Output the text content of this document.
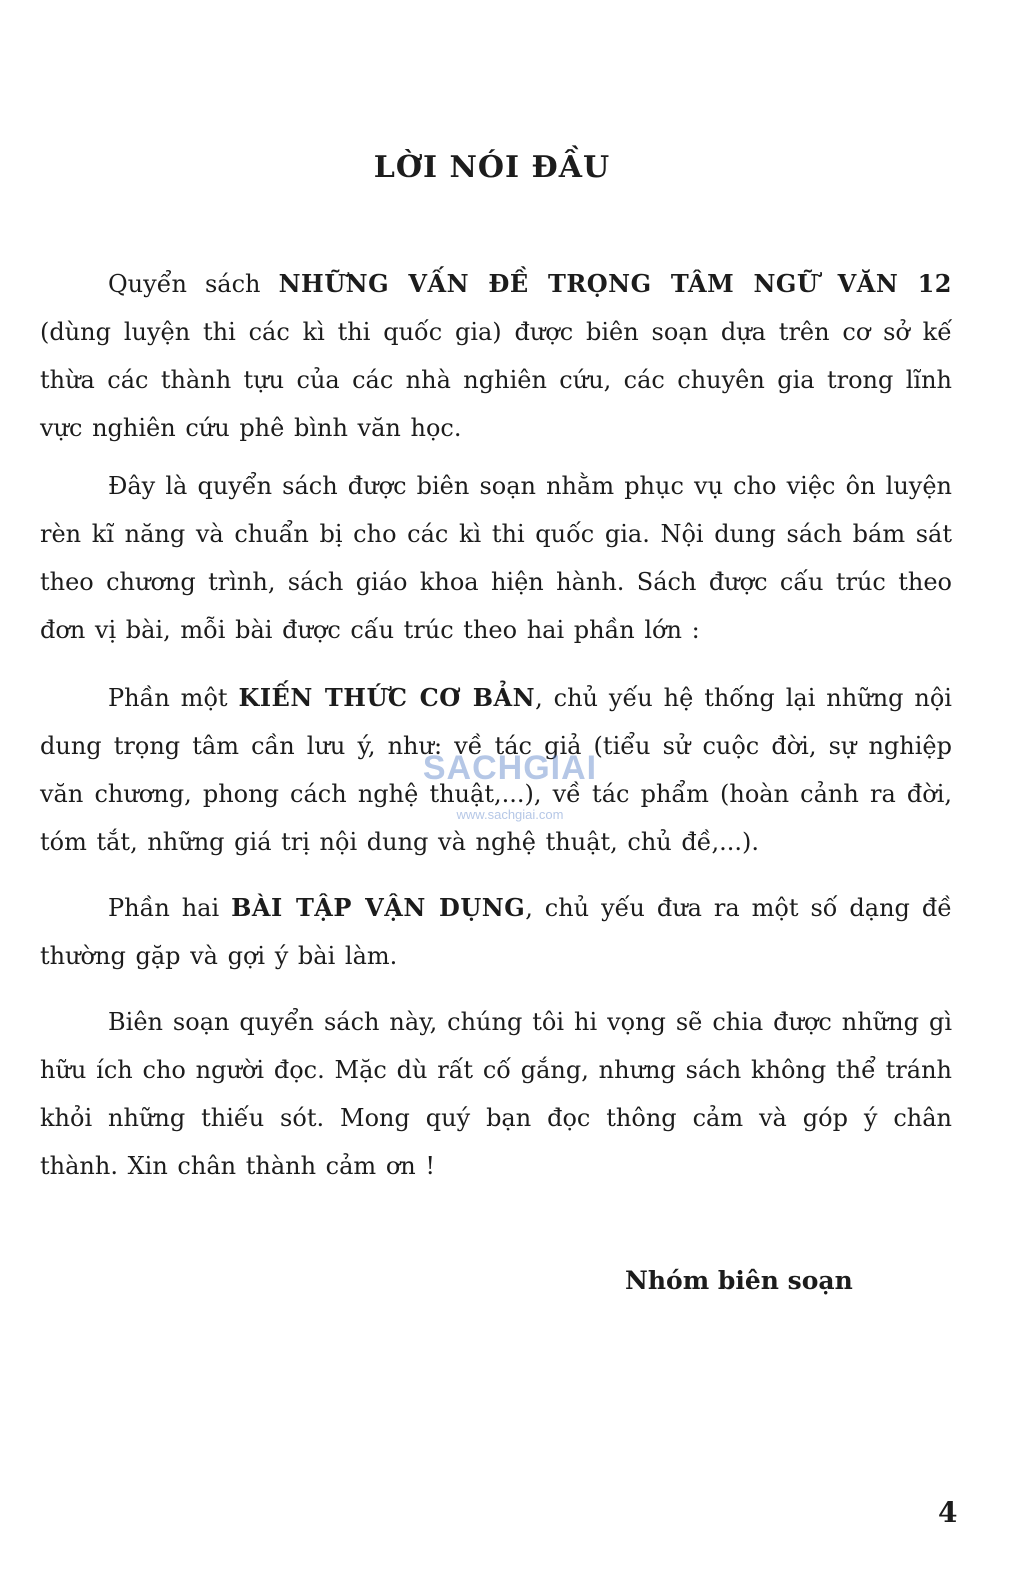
LỜI NÓI ĐẦU

Quyển sách NHỮNG VẤN ĐỀ TRỌNG TÂM NGỮ VĂN 12 (dùng luyện thi các kì thi quốc gia) được biên soạn dựa trên cơ sở kế thừa các thành tựu của các nhà nghiên cứu, các chuyên gia trong lĩnh vực nghiên cứu phê bình văn học.

Đây là quyển sách được biên soạn nhằm phục vụ cho việc ôn luyện rèn kĩ năng và chuẩn bị cho các kì thi quốc gia. Nội dung sách bám sát theo chương trình, sách giáo khoa hiện hành. Sách được cấu trúc theo đơn vị bài, mỗi bài được cấu trúc theo hai phần lớn :

Phần một KIẾN THỨC CƠ BẢN, chủ yếu hệ thống lại những nội dung trọng tâm cần lưu ý, như: về tác giả (tiểu sử cuộc đời, sự nghiệp văn chương, phong cách nghệ thuật,...), về tác phẩm (hoàn cảnh ra đời, tóm tắt, những giá trị nội dung và nghệ thuật, chủ đề,...).

Phần hai BÀI TẬP VẬN DỤNG, chủ yếu đưa ra một số dạng đề thường gặp và gợi ý bài làm.

Biên soạn quyển sách này, chúng tôi hi vọng sẽ chia được những gì hữu ích cho người đọc. Mặc dù rất cố gắng, nhưng sách không thể tránh khỏi những thiếu sót. Mong quý bạn đọc thông cảm và góp ý chân thành. Xin chân thành cảm ơn !

Nhóm biên soạn
4
SACHGIAI
www.sachgiai.com
